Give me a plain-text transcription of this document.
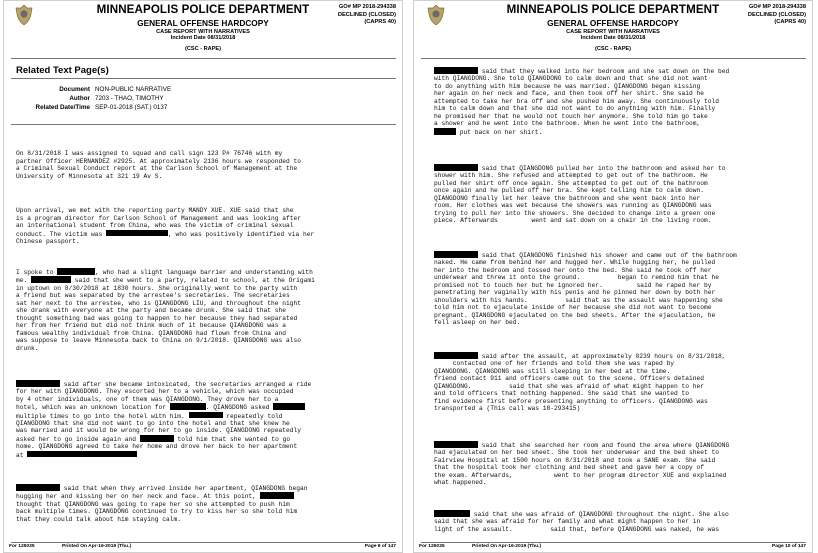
MINNEAPOLIS POLICE DEPARTMENT
GENERAL OFFENSE HARDCOPY
CASE REPORT WITH NARRATIVES
Incident Date 08/31/2018
(CSC - RAPE)
GO# MP 2018-294338
DECLINED (CLOSED)
(CAPRS 40)
Related Text Page(s)
Document NON-PUBLIC NARRATIVE
Author 7203 - THAO, TIMOTHY
Related Date/Time SEP-01-2018 (SAT.) 0137
On 8/31/2018 I was assigned to squad and call sign 123 P# 76746 with my
partner Officer HERNANDEZ #2925. At approximately 2136 hours we responded to
a Criminal Sexual Conduct report at the Carlson School of Management at the
University of Minnesota at 321 19 Av S.
Upon arrival, we met with the reporting party MANDY XUE. XUE said that she
is a program director for Carlson School of Management and was looking after
an international student from China, who was the victim of criminal sexual
conduct. The victim was	, who was positively identified via her
Chinese passport.
I spoke to	, who had a slight language barrier and understanding with
me.	said that she went to a party, related to school, at the Origami
in uptown on 8/30/2018 at 1830 hours. She originally went to the party with
a friend but was separated by the arrestee's secretaries. The secretaries
sat her next to the arrestee, who is QIANGDONG LIU, and throughout the night
she drank with everyone at the party and became drunk. She said that she
thought something bad was going to happen to her because they had separated
her from her friend but did not think much of it because QIANGDONG was a
famous wealthy individual from China. QIANGDONG had flown from China and
was suppose to leave Minnesota back to China on 9/1/2018. QIANGDONG was also
drunk.
said after she became intoxicated, the secretaries arranged a ride
for her with QIANGDONG. They escorted her to a vehicle, which was occupied
by 4 other individuals, one of them was QIANGDONG. They drove her to a
hotel, which was an unknown location for	. QIANGDONG asked
multiple times to go into the hotel with him.	repeatedly told
QIANGDONG that she did not want to go into the hotel and that she knew he
was married and it would be wrong for her to go inside. QIANGDONG repeatedly
asked her to go inside again and	told him that she wanted to go
home. QIANGDONG agreed to take her home and drove her back to her apartment
at
said that when they arrived inside her apartment, QIANGDONG began
hugging her and kissing her on her neck and face. At this point,
thought that QIANGDONG was going to rape her so she attempted to push him
back multiple times. QIANGDONG continued to try to kiss her so she told him
that they could talk about him staying calm.
For 125035	Printed On Apr-16-2019 (Thu.)	Page 9 of 147
MINNEAPOLIS POLICE DEPARTMENT
GENERAL OFFENSE HARDCOPY
CASE REPORT WITH NARRATIVES
Incident Date 08/31/2018
(CSC - RAPE)
GO# MP 2018-294338
DECLINED (CLOSED)
(CAPRS 40)
said that they walked into her bedroom and she sat down on the bed
with QIANGDONG. She told QIANGDONG to calm down and that she did not want
to do anything with him because he was married. QIANGDONG began kissing
her again on her neck and face, and then took off her shirt. She said he
attempted to take her bra off and she pushed him away. She continuously told
him to calm down and that she did not want to do anything with him. Finally
he promised her that he would not touch her anymore. She told him go take
a shower and he went into the bathroom. When he went into the bathroom,
put back on her shirt.
said that QIANGDONG pulled her into the bathroom and asked her to
shower with him. She refused and attempted to get out of the bathroom. He
pulled her shirt off once again. She attempted to get out of the bathroom
once again and he pulled off her bra. She kept telling him to calm down.
QIANGDONG finally let her leave the bathroom and she went back into her
room. Her clothes was wet because the showers was running as QIANGDONG was
trying to pull her into the showers. She decided to change into a green one
piece. Afterwards         went and sat down on a chair in the living room.
said that QIANGDONG finished his shower and came out of the bathroom
naked. He came from behind her and hugged her. While hugging her, he pulled
her into the bedroom and tossed her onto the bed. She said he took off her
underwear and threw it onto the ground.          began to remind him that he
promised not to touch her but he ignored her.         said he raped her by
penetrating her vaginally with his penis and he pinned her down by both her
shoulders with his hands.          said that as the assault was happening she
told him not to ejaculate inside of her because she did not want to become
pregnant. QIANGDONG ejaculated on the bed sheets. After the ejaculation, he
fell asleep on her bed.
said after the assault, at approximately 0239 hours on 8/31/2018,
contacted one of her friends and told them she was raped by
QIANGDONG. QIANGDONG was still sleeping in her bed at the time.
friend contact 911 and officers came out to the scene. Officers detained
QIANGDONG.          said that she was afraid of what might happen to her
and told officers that nothing happened. She said that she wanted to
find evidence first before presenting anything to officers. QIANGDONG was
transported a (This call was 18-293415)
said that she searched her room and found the area where QIANGDONG
had ejaculated on her bed sheet. She took her underwear and the bed sheet to
Fairview Hospital at 1500 hours on 8/31/2018 and took a SANE exam. She said
that the hospital took her clothing and bed sheet and gave her a copy of
the exam. Afterwards,           went to her program director XUE and explained
what happened.
said that she was afraid of QIANGDONG throughout the night. She also
said that she was afraid for her family and what might happen to her in
light of the assault.          said that, before QIANGDONG was naked, he was
For 125035	Printed On Apr-16-2019 (Thu.)	Page 10 of 147
